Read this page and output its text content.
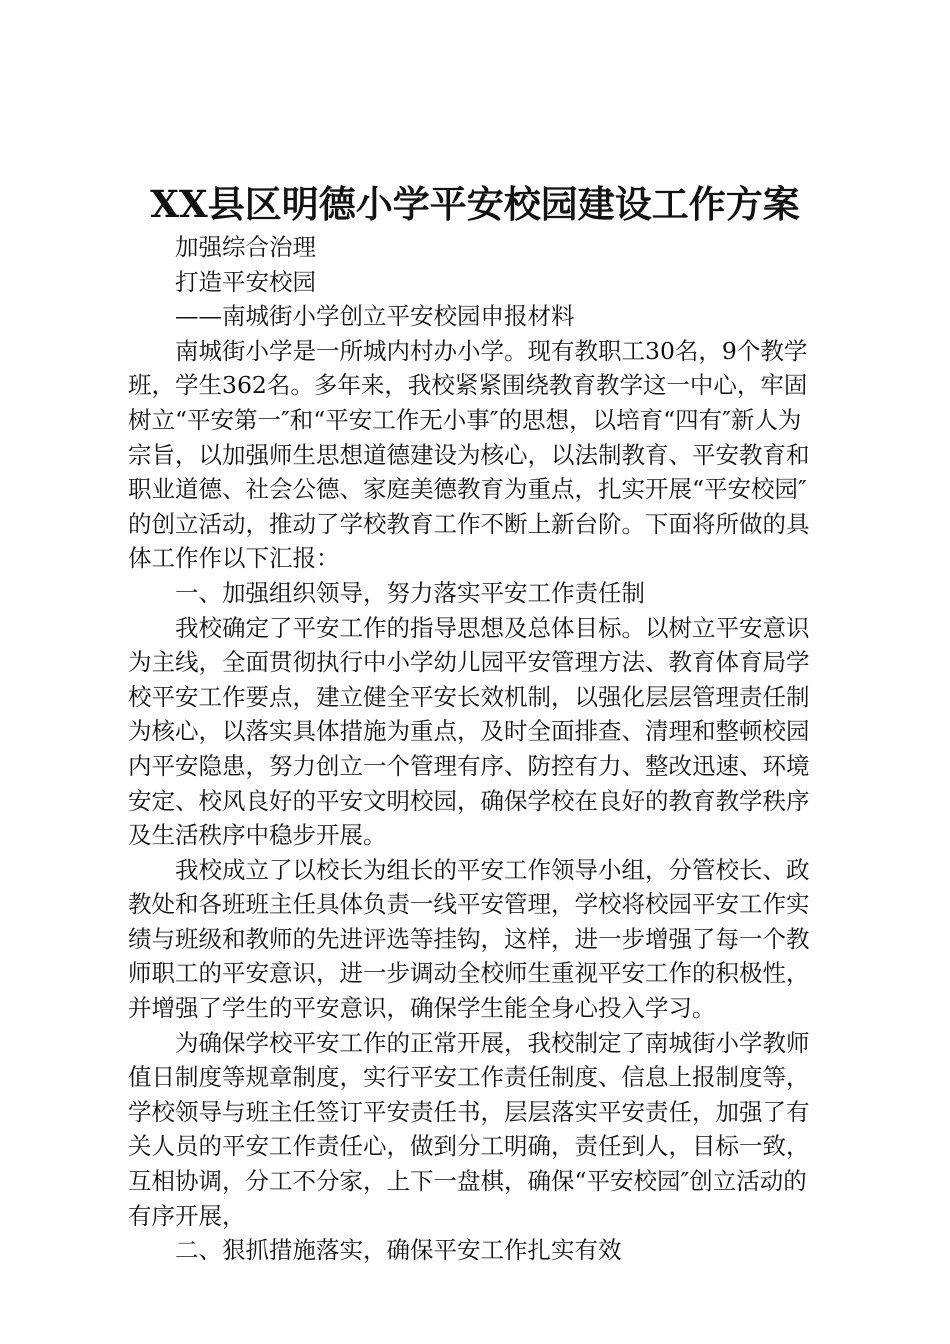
XX县区明德小学平安校园建设工作方案

加强综合治理

打造平安校园

——南城街小学创立平安校园申报材料

南城街小学是一所城内村办小学。现有教职工30名，9个教学班，学生362名。多年来，我校紧紧围绕教育教学这一中心，牢固树立“平安第一″和“平安工作无小事″的思想，以培育“四有″新人为宗旨，以加强师生思想道德建设为核心，以法制教育、平安教育和职业道德、社会公德、家庭美德教育为重点，扎实开展“平安校园″的创立活动，推动了学校教育工作不断上新台阶。下面将所做的具体工作作以下汇报：

一、加强组织领导，努力落实平安工作责任制

我校确定了平安工作的指导思想及总体目标。以树立平安意识为主线，全面贯彻执行中小学幼儿园平安管理方法、教育体育局学校平安工作要点，建立健全平安长效机制，以强化层层管理责任制为核心，以落实具体措施为重点，及时全面排查、清理和整顿校园内平安隐患，努力创立一个管理有序、防控有力、整改迅速、环境安定、校风良好的平安文明校园，确保学校在良好的教育教学秩序及生活秩序中稳步开展。

我校成立了以校长为组长的平安工作领导小组，分管校长、政教处和各班班主任具体负责一线平安管理，学校将校园平安工作实绩与班级和教师的先进评选等挂钩，这样，进一步增强了每一个教师职工的平安意识，进一步调动全校师生重视平安工作的积极性，并增强了学生的平安意识，确保学生能全身心投入学习。

为确保学校平安工作的正常开展，我校制定了南城街小学教师值日制度等规章制度，实行平安工作责任制度、信息上报制度等，学校领导与班主任签订平安责任书，层层落实平安责任，加强了有关人员的平安工作责任心，做到分工明确，责任到人，目标一致，互相协调，分工不分家，上下一盘棋，确保“平安校园″创立活动的有序开展，

二、狠抓措施落实，确保平安工作扎实有效
